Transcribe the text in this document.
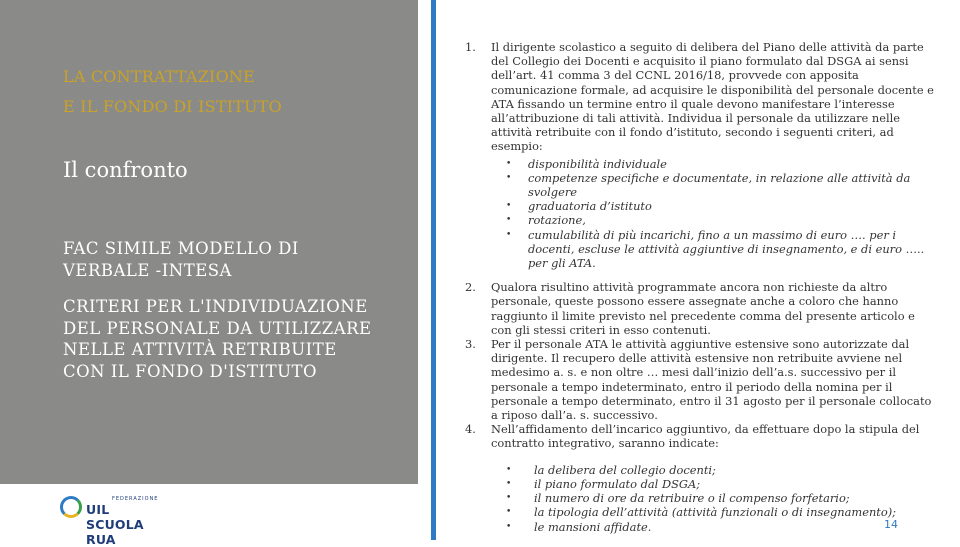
LA CONTRATTAZIONE
E IL FONDO DI ISTITUTO
Il confronto
FAC SIMILE MODELLO DI VERBALE -INTESA
CRITERI PER L'INDIVIDUAZIONE DEL PERSONALE DA UTILIZZARE NELLE ATTIVITÀ RETRIBUITE CON IL FONDO D'ISTITUTO
FEDERAZIONE
UIL SCUOLA RUA
1.	Il dirigente scolastico a seguito di delibera del Piano delle attività da parte del Collegio dei Docenti e acquisito il piano formulato dal DSGA ai sensi dell’art. 41 comma 3 del CCNL 2016/18, provvede con apposita comunicazione formale, ad acquisire le disponibilità del personale docente e ATA fissando un termine entro il quale devono manifestare l’interesse all’attribuzione di tali attività. Individua il personale da utilizzare nelle attività retribuite con il fondo d’istituto, secondo i seguenti criteri, ad esempio:
•	disponibilità individuale
•	competenze specifiche e documentate, in relazione alle attività da svolgere
•	graduatoria d’istituto
•	rotazione,
•	cumulabilità di più incarichi, fino a un massimo di euro …. per i docenti, escluse le attività aggiuntive di insegnamento, e di euro ….. per gli ATA.
2.	Qualora risultino attività programmate ancora non richieste da altro personale, queste possono essere assegnate anche a coloro che hanno raggiunto il limite previsto nel precedente comma del presente articolo e con gli stessi criteri in esso contenuti.
3.	Per il personale ATA le attività aggiuntive estensive sono autorizzate dal dirigente. Il recupero delle attività estensive non retribuite avviene nel medesimo a. s. e non oltre … mesi dall’inizio dell’a.s. successivo per il personale a tempo indeterminato, entro il periodo della nomina per il personale a tempo determinato, entro il 31 agosto per il personale collocato a riposo dall’a. s. successivo.
4.	Nell’affidamento dell’incarico aggiuntivo, da effettuare dopo la stipula del contratto integrativo, saranno indicate:
•	la delibera del collegio docenti;
•	il piano formulato dal DSGA;
•	il numero di ore da retribuire o il compenso forfetario;
•	la tipologia dell’attività (attività funzionali o di insegnamento);
•	le mansioni affidate.	14
